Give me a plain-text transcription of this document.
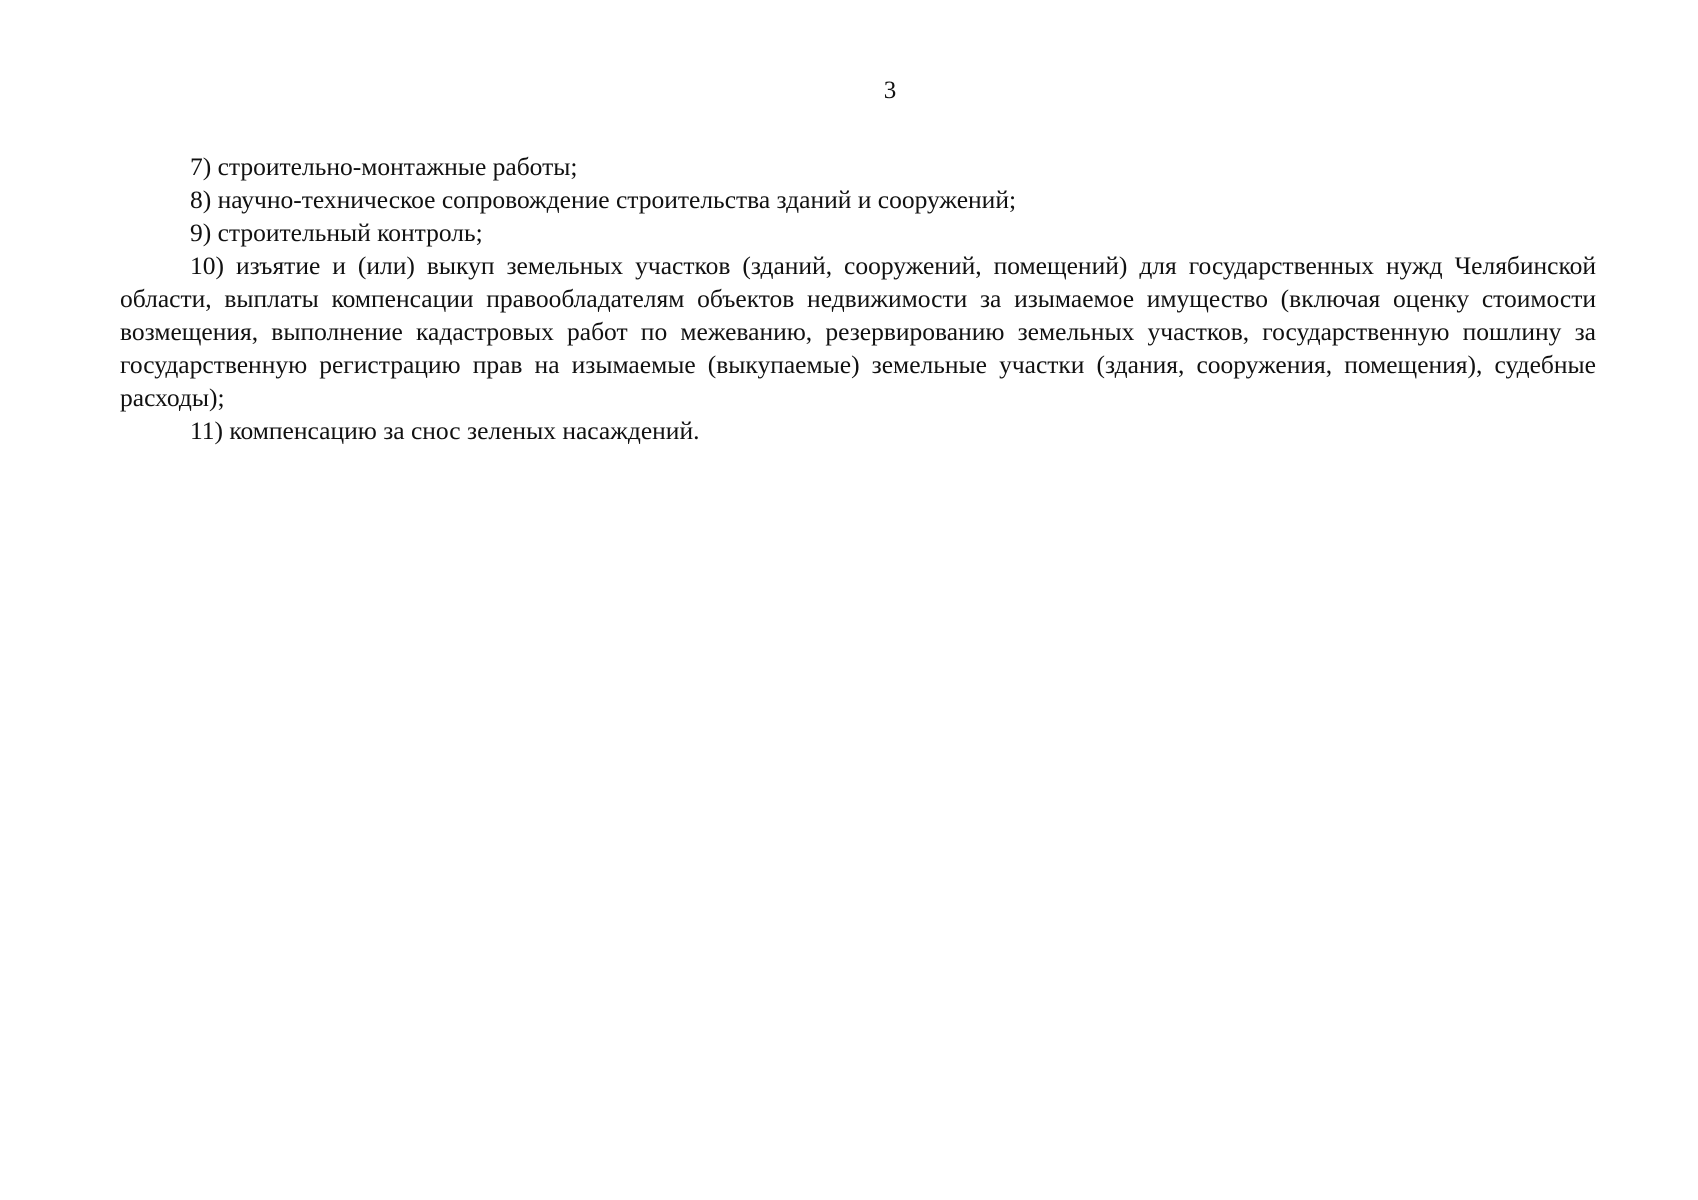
3

7) строительно-монтажные работы;

8) научно-техническое сопровождение строительства зданий и сооружений;

9) строительный контроль;

10) изъятие и (или) выкуп земельных участков (зданий, сооружений, помещений) для государственных нужд Челябинской области, выплаты компенсации правообладателям объектов недвижимости за изымаемое имущество (включая оценку стоимости возмещения, выполнение кадастровых работ по межеванию, резервированию земельных участков, государственную пошлину за государственную регистрацию прав на изымаемые (выкупаемые) земельные участки (здания, сооружения, помещения), судебные расходы);

11) компенсацию за снос зеленых насаждений.
